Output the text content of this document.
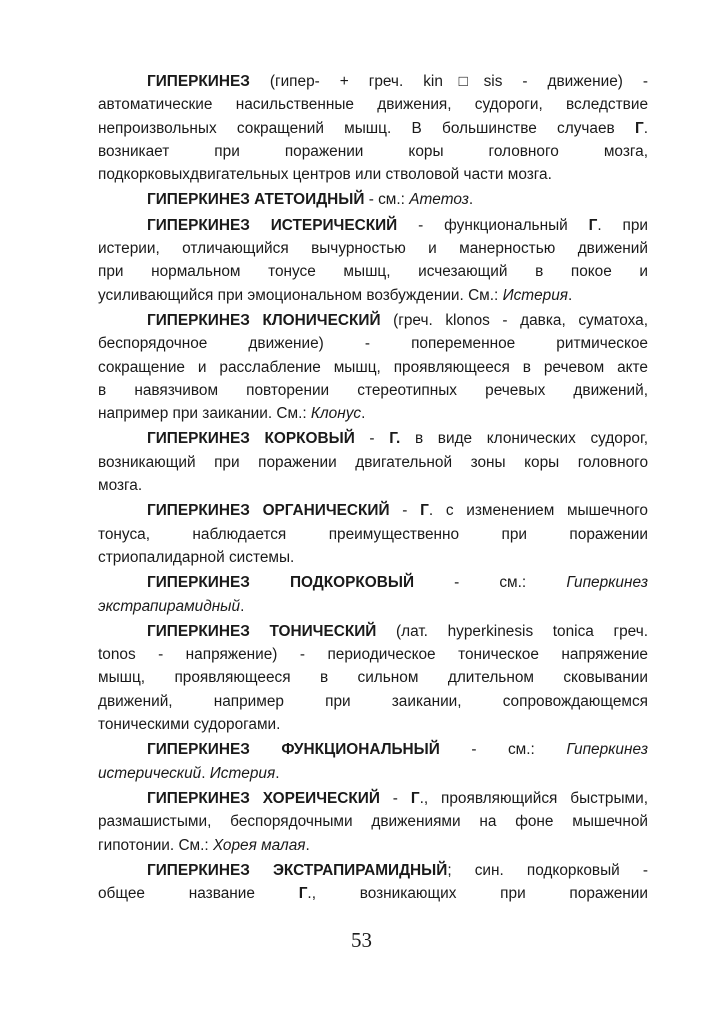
ГИПЕРКИНЕЗ (гипер- + греч. kin□sis - движение) -
автоматические насильственные движения, судороги, вследствие
непроизвольных сокращений мышц. В большинстве случаев Г.
возникает при поражении коры головного мозга,
подкорковыхдвигательных центров или стволовой части мозга.
ГИПЕРКИНЕЗ АТЕТОИДНЫЙ - см.: Атетоз.
ГИПЕРКИНЕЗ ИСТЕРИЧЕСКИЙ - функциональный Г. при
истерии, отличающийся вычурностью и манерностью движений
при нормальном тонусе мышц, исчезающий в покое и
усиливающийся при эмоциональном возбуждении. См.: Истерия.
ГИПЕРКИНЕЗ КЛОНИЧЕСКИЙ (греч. klonos - давка, суматоха,
беспорядочное движение) - попеременное ритмическое
сокращение и расслабление мышц, проявляющееся в речевом акте
в навязчивом повторении стереотипных речевых движений,
например при заикании. См.: Клонус.
ГИПЕРКИНЕЗ КОРКОВЫЙ - Г. в виде клонических судорог,
возникающий при поражении двигательной зоны коры головного
мозга.
ГИПЕРКИНЕЗ ОРГАНИЧЕСКИЙ - Г. с изменением мышечного
тонуса, наблюдается преимущественно при поражении
стриопалидарной системы.
ГИПЕРКИНЕЗ ПОДКОРКОВЫЙ - см.: Гиперкинез
экстрапирамидный.
ГИПЕРКИНЕЗ ТОНИЧЕСКИЙ (лат. hyperkinesis tonica греч.
tonos - напряжение) - периодическое тоническое напряжение
мышц, проявляющееся в сильном длительном сковывании
движений, например при заикании, сопровождающемся
тоническими судорогами.
ГИПЕРКИНЕЗ ФУНКЦИОНАЛЬНЫЙ - см.: Гиперкинез
истерический. Истерия.
ГИПЕРКИНЕЗ ХОРЕИЧЕСКИЙ - Г., проявляющийся быстрыми,
размашистыми, беспорядочными движениями на фоне мышечной
гипотонии. См.: Хорея малая.
ГИПЕРКИНЕЗ ЭКСТРАПИРАМИДНЫЙ; син. подкорковый -
общее название Г., возникающих при поражении
53
